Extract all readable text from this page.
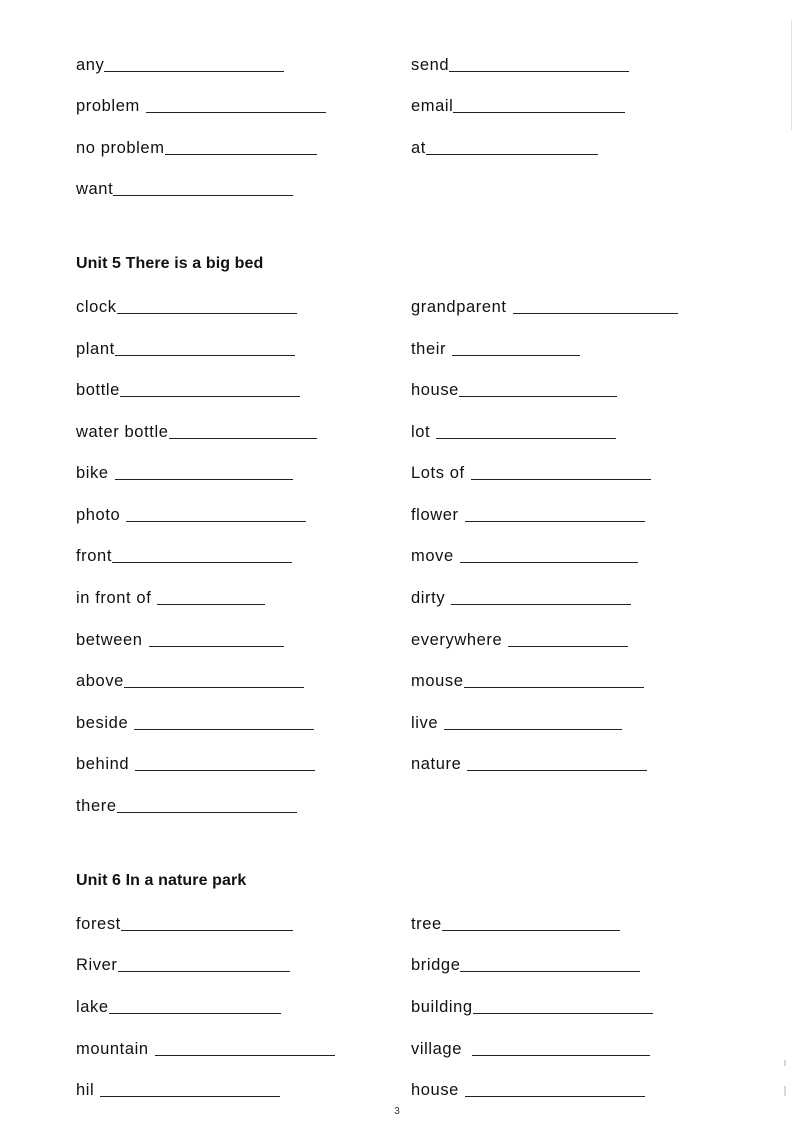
any	send
problem	email
no problem	at
want
Unit 5 There is a big bed
clock	grandparent
plant	their
bottle	house
water bottle	lot
bike	Lots of
photo	flower
front	move
in front of	dirty
between	everywhere
above	mouse
beside	live
behind	nature
there
Unit 6 In a nature park
forest	tree
River	bridge
lake	building
mountain	village
hil	house
3
